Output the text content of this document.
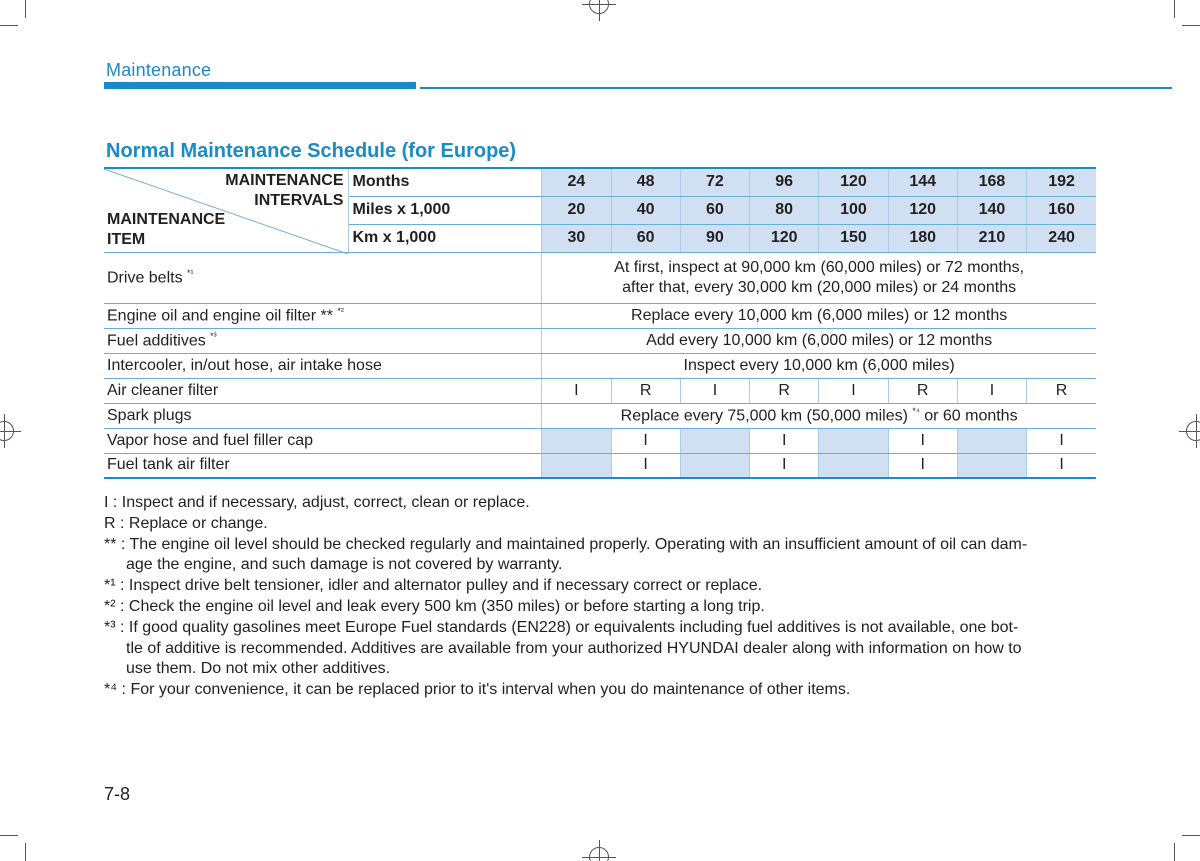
Maintenance
Normal Maintenance Schedule (for Europe)
MAINTENANCE
INTERVALS
MAINTENANCE
ITEM	Months	24	48	72	96	120	144	168	192
	Miles x 1,000	20	40	60	80	100	120	140	160
	Km x 1,000	30	60	90	120	150	180	210	240
Drive belts $^{*^1}$		At first, inspect at 90,000 km (60,000 miles) or 72 months,
after that, every 30,000 km (20,000 miles) or 24 months							

Engine oil and engine oil filter ** $^{*^2}$		Replace every 10,000 km (6,000 miles) or 12 months							
Fuel additives $^{*^3}$		Add every 10,000 km (6,000 miles) or 12 months							
Intercooler, in/out hose, air intake hose		Inspect every 10,000 km (6,000 miles)							
Air cleaner filter		I	R	I	R	I	R	I	R
Spark plugs		Replace every 75,000 km (50,000 miles) $^{*^4}$ or 60 months							
Vapor hose and fuel filler cap			I		I		I		I
Fuel tank air filter			I		I		I		I
I : Inspect and if necessary, adjust, correct, clean or replace.
R : Replace or change.
** : The engine oil level should be checked regularly and maintained properly. Operating with an insufficient amount of oil can dam-
age the engine, and such damage is not covered by warranty.
*¹ : Inspect drive belt tensioner, idler and alternator pulley and if necessary correct or replace.
*² : Check the engine oil level and leak every 500 km (350 miles) or before starting a long trip.
*³ : If good quality gasolines meet Europe Fuel standards (EN228) or equivalents including fuel additives is not available, one bot-
tle of additive is recommended. Additives are available from your authorized HYUNDAI dealer along with information on how to
use them. Do not mix other additives.
*⁴ : For your convenience, it can be replaced prior to it's interval when you do maintenance of other items.
7-8
